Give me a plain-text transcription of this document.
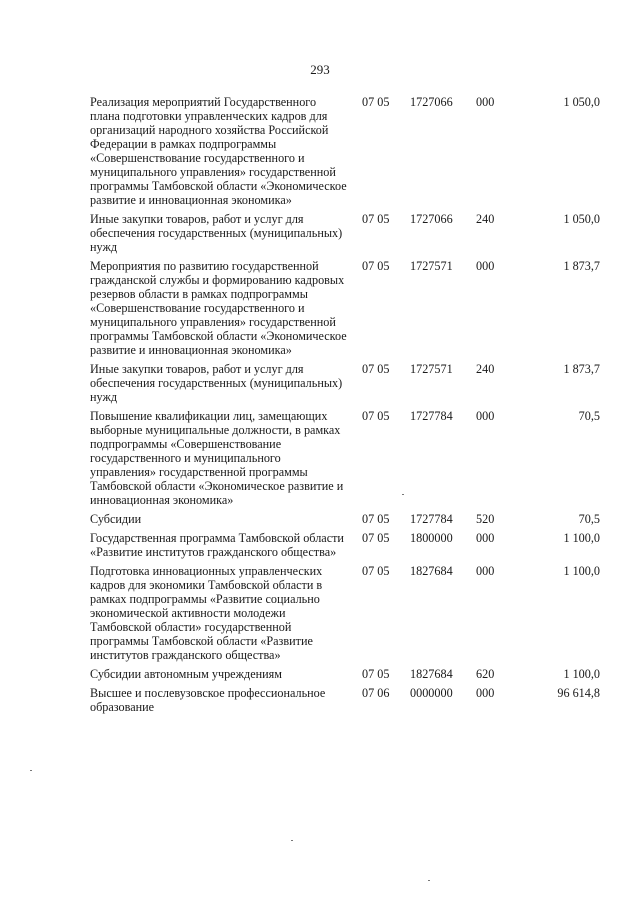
293
Реализация мероприятий Государственного плана подготовки управленческих кадров для организаций народного хозяйства Российской Федерации в рамках подпрограммы «Совершенствование государственного и муниципального управления» государственной программы Тамбовской области «Экономическое развитие и инновационная экономика»	07 05	1727066	000	1 050,0
Иные закупки товаров, работ и услуг для обеспечения государственных (муниципальных) нужд	07 05	1727066	240	1 050,0
Мероприятия по развитию государственной гражданской службы и формированию кадровых резервов области в рамках подпрограммы «Совершенствование государственного и муниципального управления» государственной программы Тамбовской области «Экономическое развитие и инновационная экономика»	07 05	1727571	000	1 873,7
Иные закупки товаров, работ и услуг для обеспечения государственных (муниципальных) нужд	07 05	1727571	240	1 873,7
Повышение квалификации лиц, замещающих выборные муниципальные должности, в рамках подпрограммы «Совершенствование государственного и муниципального управления» государственной программы Тамбовской области «Экономическое развитие и инновационная экономика»	07 05	1727784	000	70,5
Субсидии	07 05	1727784	520	70,5
Государственная программа Тамбовской области «Развитие институтов гражданского общества»	07 05	1800000	000	1 100,0
Подготовка инновационных управленческих кадров для экономики Тамбовской области в рамках подпрограммы «Развитие социально экономической активности молодежи Тамбовской области» государственной программы Тамбовской области «Развитие институтов гражданского общества»	07 05	1827684	000	1 100,0
Субсидии автономным учреждениям	07 05	1827684	620	1 100,0
Высшее и послевузовское профессиональное образование	07 06	0000000	000	96 614,8
